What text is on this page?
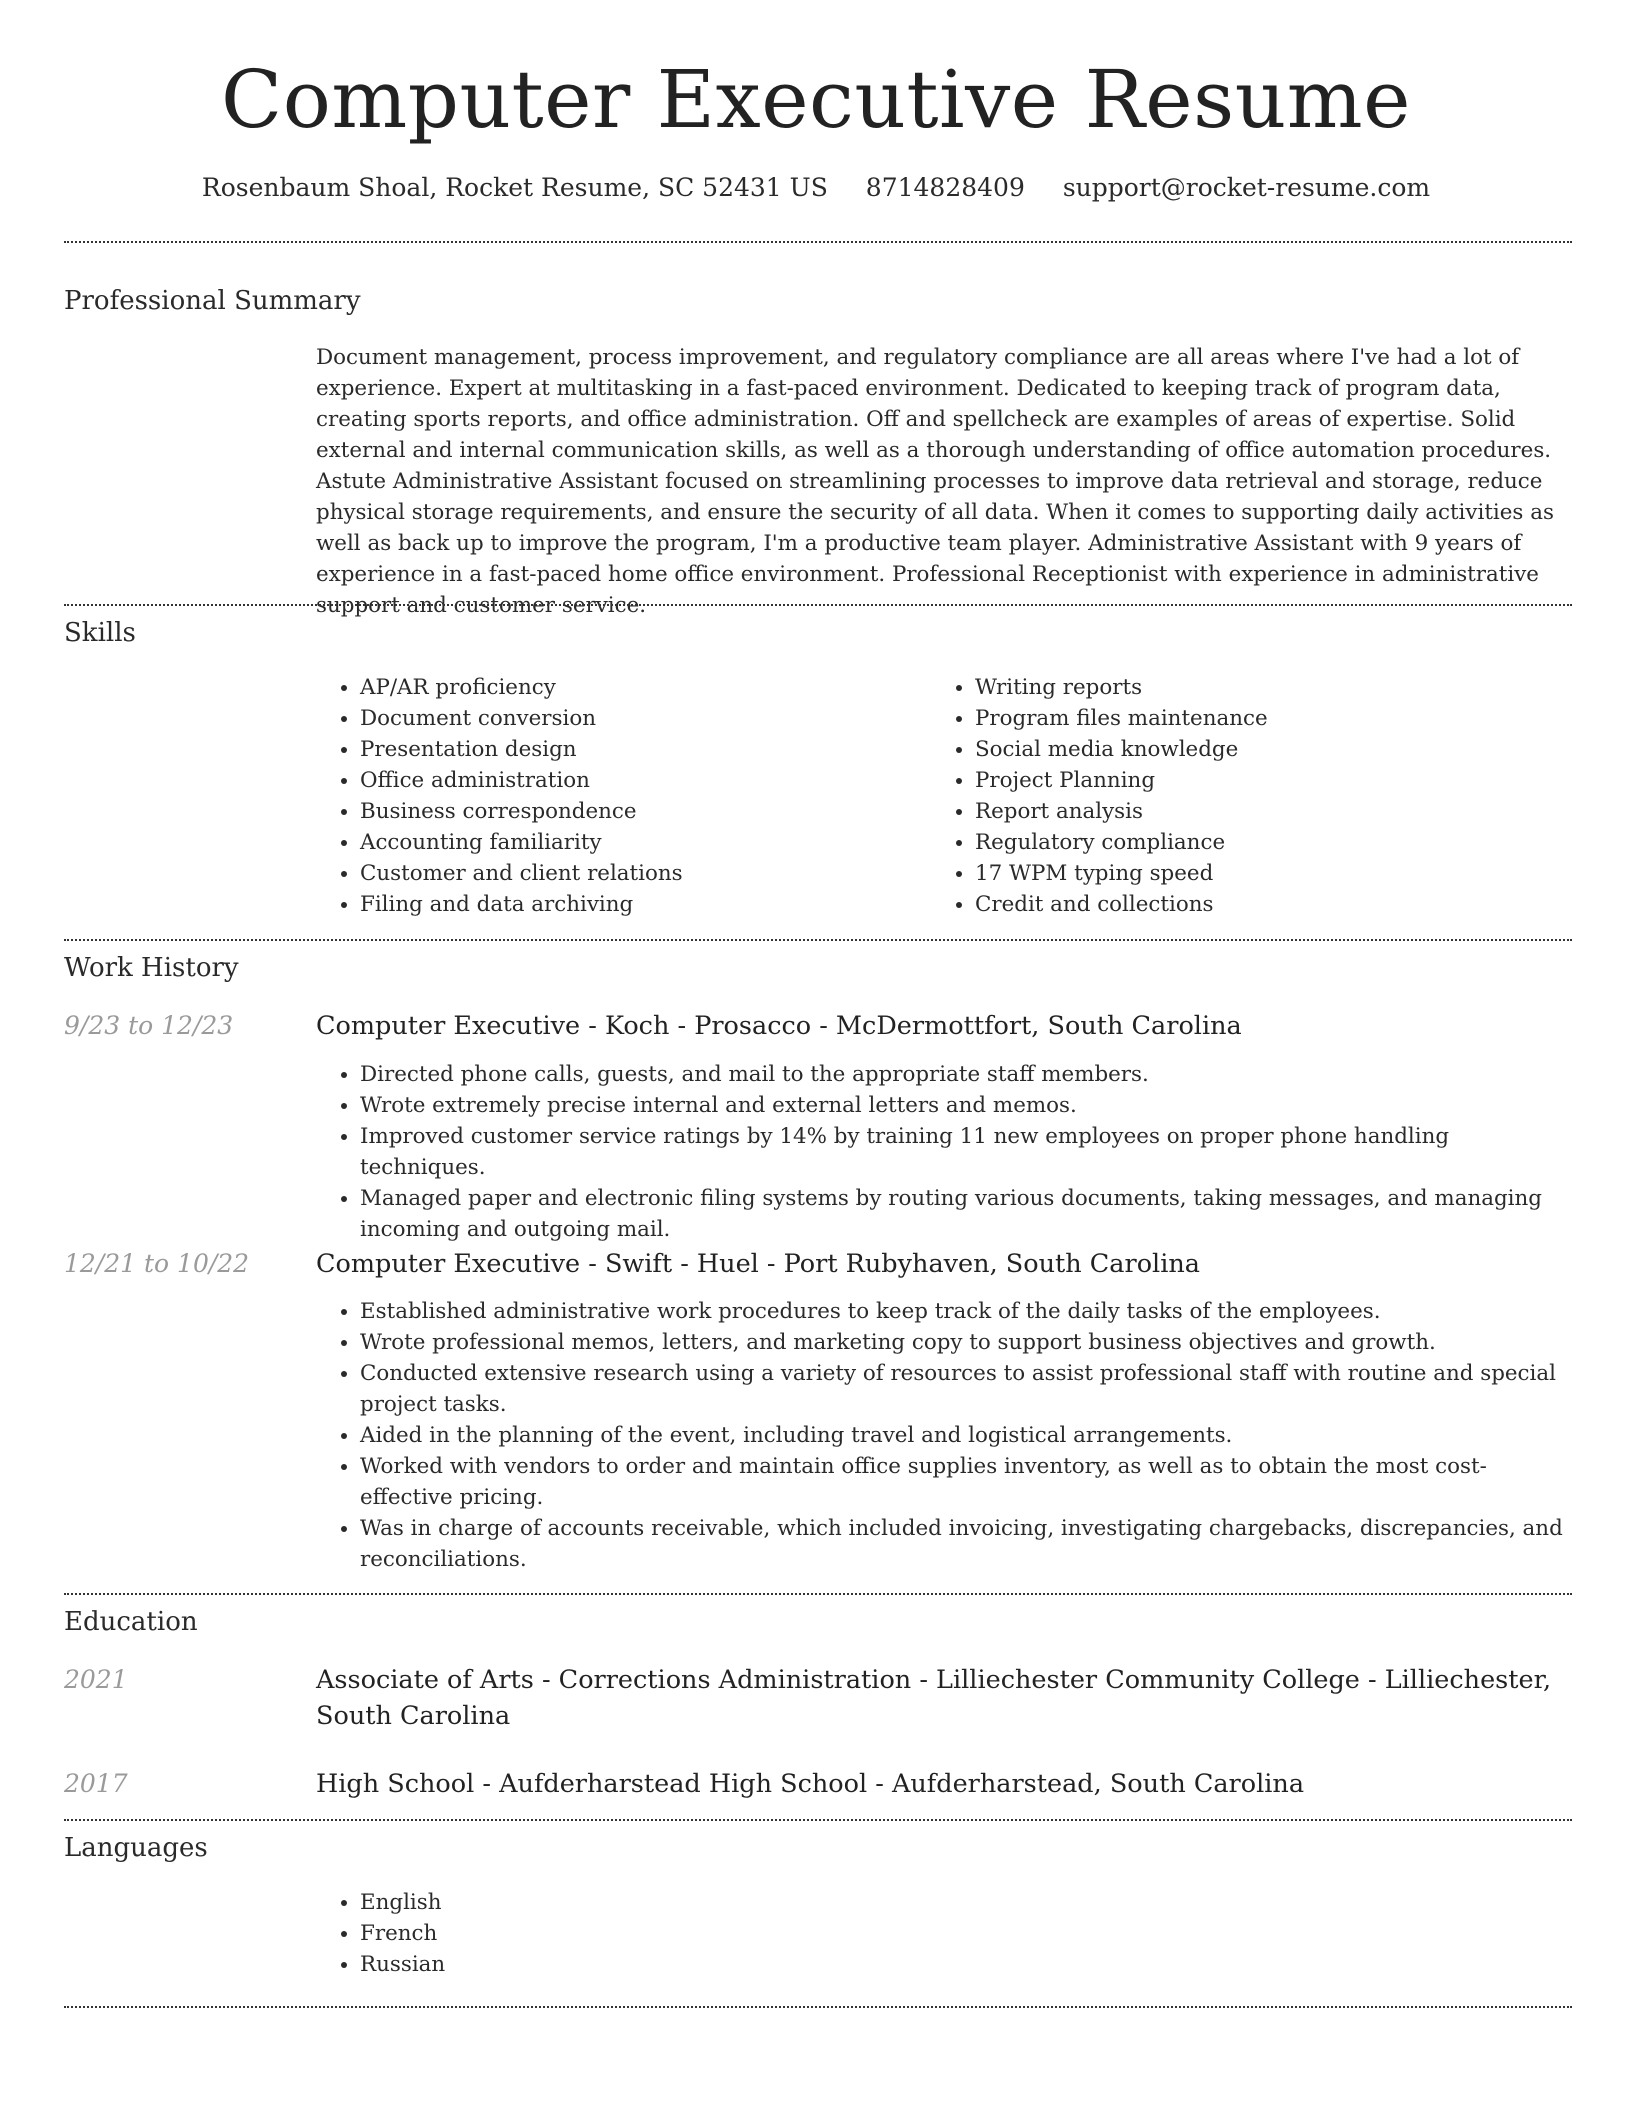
Computer Executive Resume
Rosenbaum Shoal, Rocket Resume, SC 52431 US 8714828409 support@rocket-resume.com
Professional Summary
Document management, process improvement, and regulatory compliance are all areas where I've had a lot of experience. Expert at multitasking in a fast-paced environment. Dedicated to keeping track of program data, creating sports reports, and office administration. Off and spellcheck are examples of areas of expertise. Solid external and internal communication skills, as well as a thorough understanding of office automation procedures. Astute Administrative Assistant focused on streamlining processes to improve data retrieval and storage, reduce physical storage requirements, and ensure the security of all data. When it comes to supporting daily activities as well as back up to improve the program, I'm a productive team player. Administrative Assistant with 9 years of experience in a fast-paced home office environment. Professional Receptionist with experience in administrative support and customer service.
Skills
• AP/AR proficiency
• Document conversion
• Presentation design
• Office administration
• Business correspondence
• Accounting familiarity
• Customer and client relations
• Filing and data archiving
• Writing reports
• Program files maintenance
• Social media knowledge
• Project Planning
• Report analysis
• Regulatory compliance
• 17 WPM typing speed
• Credit and collections
Work History
9/23 to 12/23	Computer Executive - Koch - Prosacco - McDermottfort, South Carolina
• Directed phone calls, guests, and mail to the appropriate staff members.
• Wrote extremely precise internal and external letters and memos.
• Improved customer service ratings by 14% by training 11 new employees on proper phone handling techniques.
• Managed paper and electronic filing systems by routing various documents, taking messages, and managing incoming and outgoing mail.
12/21 to 10/22	Computer Executive - Swift - Huel - Port Rubyhaven, South Carolina
• Established administrative work procedures to keep track of the daily tasks of the employees.
• Wrote professional memos, letters, and marketing copy to support business objectives and growth.
• Conducted extensive research using a variety of resources to assist professional staff with routine and special project tasks.
• Aided in the planning of the event, including travel and logistical arrangements.
• Worked with vendors to order and maintain office supplies inventory, as well as to obtain the most cost-effective pricing.
• Was in charge of accounts receivable, which included invoicing, investigating chargebacks, discrepancies, and reconciliations.
Education
2021	Associate of Arts - Corrections Administration - Lilliechester Community College - Lilliechester, South Carolina
2017	High School - Aufderharstead High School - Aufderharstead, South Carolina
Languages
• English
• French
• Russian
